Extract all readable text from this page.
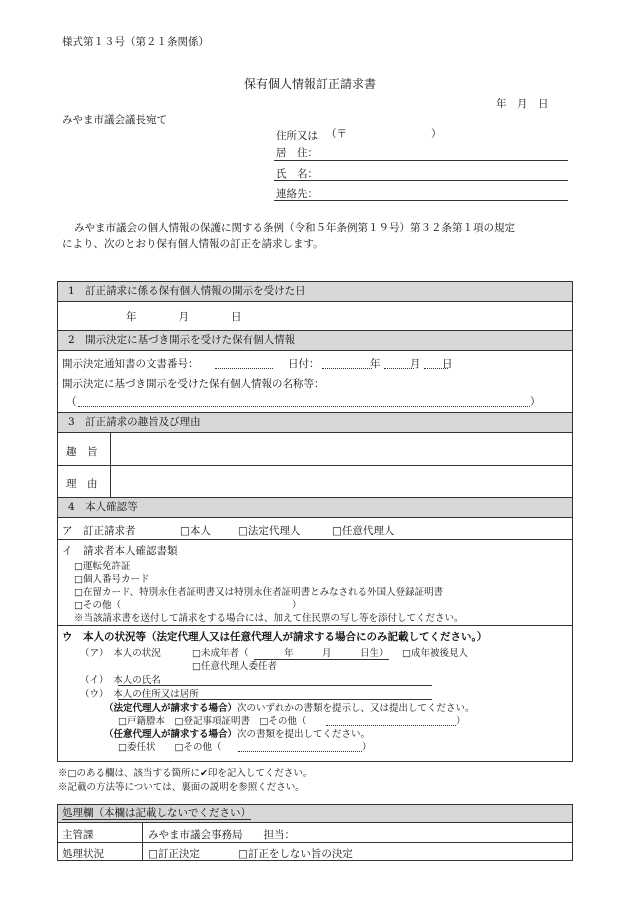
様式第１３号（第２１条関係）
保有個人情報訂正請求書
年　月　日
みやま市議会議長宛て
住所又は （〒　　　　　　　　）
居　住：
氏　名：
連絡先：
みやま市議会の個人情報の保護に関する条例（令和５年条例第１９号）第３２条第１項の規定
により、次のとおり保有個人情報の訂正を請求します。
1　訂正請求に係る保有個人情報の開示を受けた日
年　　　　月　　　　日
2　開示決定に基づき開示を受けた保有個人情報
開示決定通知書の文書番号：	日付：	年	月 日
開示決定に基づき開示を受けた保有個人情報の名称等：
（	）
3　訂正請求の趣旨及び理由
趣　旨
理　由
4　本人確認等
ア　訂正請求者	□本人	□法定代理人	□任意代理人
イ　請求者本人確認書類
□運転免許証
□個人番号カード
□在留カード、特別永住者証明書又は特別永住者証明書とみなされる外国人登録証明書
□その他（　　　　　　　　　　　　　　　　　　）
※当該請求書を送付して請求をする場合には、加えて住民票の写し等を添付してください。
ウ　本人の状況等（法定代理人又は任意代理人が請求する場合にのみ記載してください。）
（ア）　本人の状況	□未成年者（	年　　　月　　　日生） □成年被後見人
□任意代理人委任者
（イ）　本人の氏名
（ウ）　本人の住所又は居所
（法定代理人が請求する場合）次のいずれかの書類を提示し、又は提出してください。
□戸籍謄本　□登記事項証明書　□その他（	）
（任意代理人が請求する場合）次の書類を提出してください。
□委任状　　□その他（	）
※□のある欄は、該当する箇所に✔印を記入してください。
※記載の方法等については、裏面の説明を参照ください。
処理欄（本欄は記載しないでください）
主管課	みやま市議会事務局　　担当：
処理状況	□訂正決定	□訂正をしない旨の決定
